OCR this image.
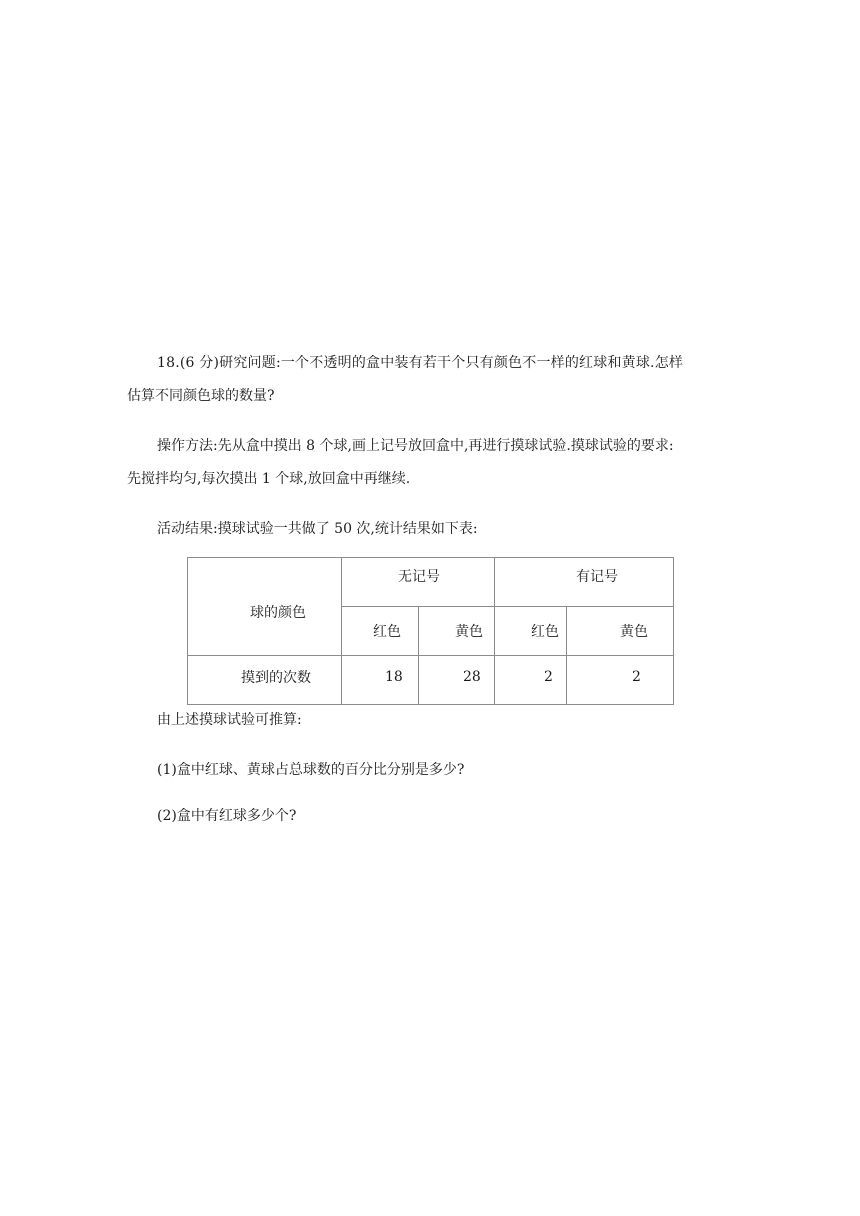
18.(6 分)研究问题:一个不透明的盒中装有若干个只有颜色不一样的红球和黄球.怎样
估算不同颜色球的数量?
操作方法:先从盒中摸出 8 个球,画上记号放回盒中,再进行摸球试验.摸球试验的要求:
先搅拌均匀,每次摸出 1 个球,放回盒中再继续.
活动结果:摸球试验一共做了 50 次,统计结果如下表:
球的颜色	无记号		有记号	

	红色	黄色	红色	黄色

摸到的次数	18	28	2	2
由上述摸球试验可推算:
(1)盒中红球、黄球占总球数的百分比分别是多少?
(2)盒中有红球多少个?
